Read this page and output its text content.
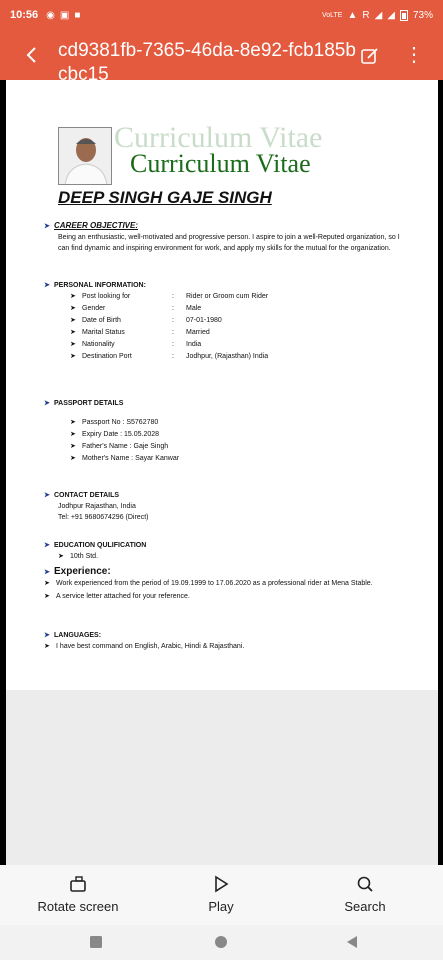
10:56 ◉ ▣ ■	VoLTE ▲ R ◢ ◢ 73%
cd9381fb-7365-46da-8e92-fcb185bcbc15
⋮
Curriculum Vitae
Curriculum Vitae
DEEP SINGH GAJE SINGH
➤ CAREER OBJECTIVE:
Being an enthusiastic, well-motivated and progressive person. I aspire to join a well-Reputed organization, so I can find dynamic and inspiring environment for work, and apply my skills for the mutual for the organization.
➤ PERSONAL INFORMATION:
➤ Post looking for	:	Rider or Groom cum Rider
➤ Gender	:	Male
➤ Date of Birth	:	07-01-1980
➤ Marital Status	:	Married
➤ Nationality	:	India
➤ Destination Port	:	Jodhpur, (Rajasthan) India
➤ PASSPORT DETAILS
➤ Passport No : S5762780
➤ Expiry Date : 15.05.2028
➤ Father's Name : Gaje Singh
➤ Mother's Name : Sayar Kanwar
➤ CONTACT DETAILS
Jodhpur Rajasthan, India
Tel: +91 9680674296 (Direct)
➤ EDUCATION QULIFICATION
➤ 10th Std.
➤ Experience:
➤ Work experienced from the period of 19.09.1999 to 17.06.2020 as a professional rider at Mena Stable.
➤ A service letter attached for your reference.
➤ LANGUAGES:
➤ I have best command on English, Arabic, Hindi & Rajasthani.
Rotate screen	Play	Search
